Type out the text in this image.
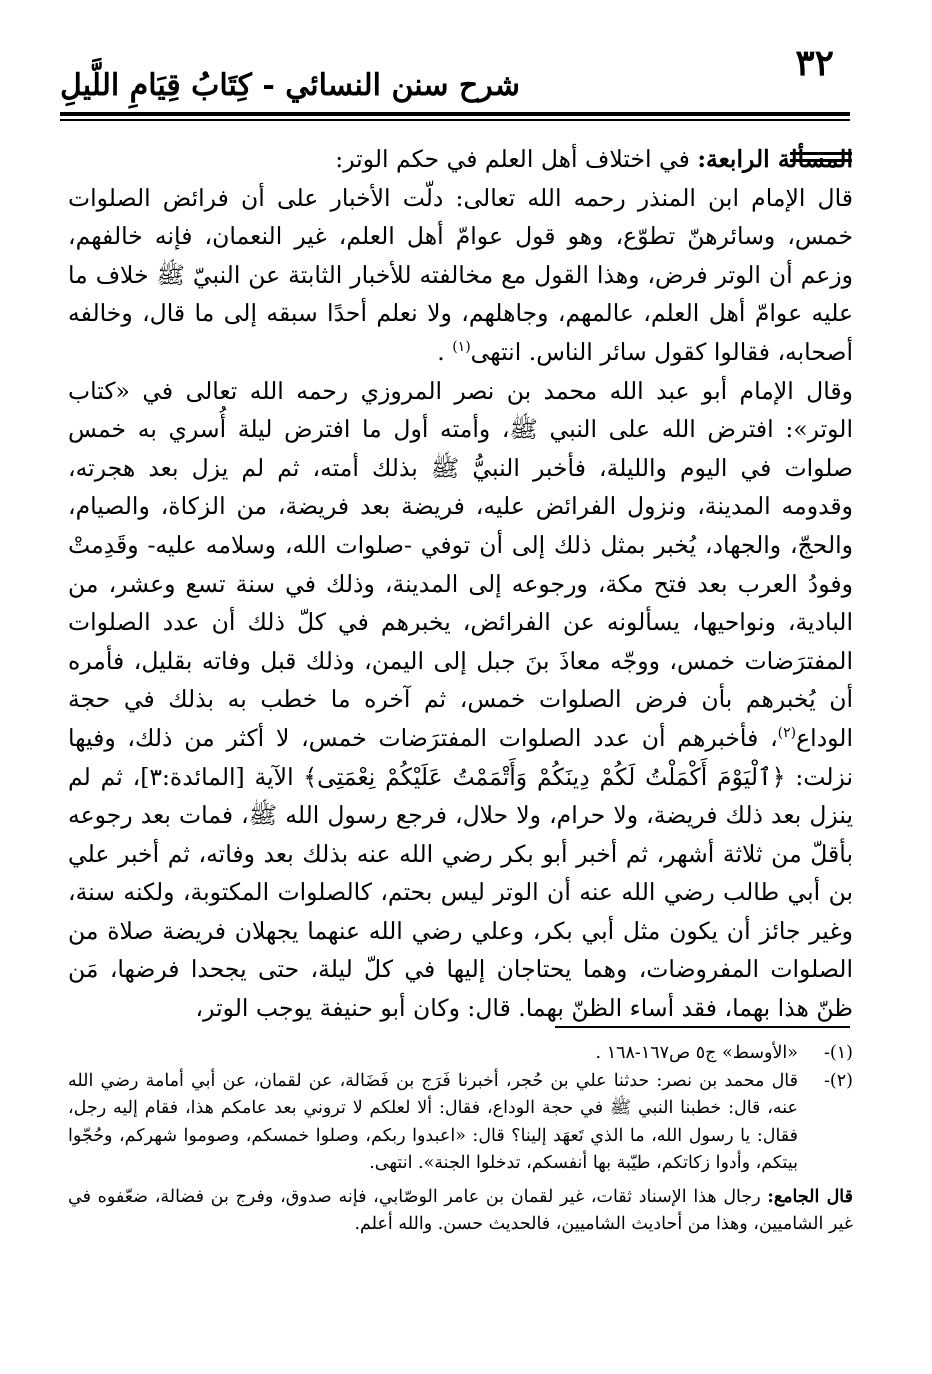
شرح سنن النسائي - كِتَابُ قِيَامِ اللَّيلِ
٣٢

المسألة الرابعة: في اختلاف أهل العلم في حكم الوتر:

قال الإمام ابن المنذر رحمه الله تعالى: دلّت الأخبار على أن فرائض الصلوات خمس، وسائرهنّ تطوّع، وهو قول عوامّ أهل العلم، غير النعمان، فإنه خالفهم، وزعم أن الوتر فرض، وهذا القول مع مخالفته للأخبار الثابتة عن النبيّ ﷺ خلاف ما عليه عوامّ أهل العلم، عالمهم، وجاهلهم، ولا نعلم أحدًا سبقه إلى ما قال، وخالفه أصحابه، فقالوا كقول سائر الناس. انتهى$^{(١)}$ .

وقال الإمام أبو عبد الله محمد بن نصر المروزي رحمه الله تعالى في «كتاب الوتر»: افترض الله على النبي ﷺ، وأمته أول ما افترض ليلة أُسري به خمس صلوات في اليوم والليلة، فأخبر النبيُّ ﷺ بذلك أمته، ثم لم يزل بعد هجرته، وقدومه المدينة، ونزول الفرائض عليه، فريضة بعد فريضة، من الزكاة، والصيام، والحجّ، والجهاد، يُخبر بمثل ذلك إلى أن توفي -صلوات الله، وسلامه عليه- وقَدِمتْ وفودُ العرب بعد فتح مكة، ورجوعه إلى المدينة، وذلك في سنة تسع وعشر، من البادية، ونواحيها، يسألونه عن الفرائض، يخبرهم في كلّ ذلك أن عدد الصلوات المفترَضات خمس، ووجّه معاذَ بنَ جبل إلى اليمن، وذلك قبل وفاته بقليل، فأمره أن يُخبرهم بأن فرض الصلوات خمس، ثم آخره ما خطب به بذلك في حجة الوداع$^{(٢)}$، فأخبرهم أن عدد الصلوات المفترَضات خمس، لا أكثر من ذلك، وفيها نزلت: ﴿ٱلْيَوْمَ أَكْمَلْتُ لَكُمْ دِينَكُمْ وَأَتْمَمْتُ عَلَيْكُمْ نِعْمَتِى﴾ الآية [المائدة:٣]، ثم لم ينزل بعد ذلك فريضة، ولا حرام، ولا حلال، فرجع رسول الله ﷺ، فمات بعد رجوعه بأقلّ من ثلاثة أشهر، ثم أخبر أبو بكر رضي الله عنه بذلك بعد وفاته، ثم أخبر علي بن أبي طالب رضي الله عنه أن الوتر ليس بحتم، كالصلوات المكتوبة، ولكنه سنة، وغير جائز أن يكون مثل أبي بكر، وعلي رضي الله عنهما يجهلان فريضة صلاة من الصلوات المفروضات، وهما يحتاجان إليها في كلّ ليلة، حتى يجحدا فرضها، مَن ظنّ هذا بهما، فقد أساء الظنّ بهما. قال: وكان أبو حنيفة يوجب الوتر،

(١)-
«الأوسط» ج٥ ص١٦٧-١٦٨ .
(٢)-
قال محمد بن نصر: حدثنا علي بن حُجر، أخبرنا فَرَج بن فَضَالة، عن لقمان، عن أبي أمامة رضي الله عنه، قال: خطبنا النبي ﷺ في حجة الوداع، فقال: ألا لعلكم لا تروني بعد عامكم هذا، فقام إليه رجل، فقال: يا رسول الله، ما الذي تَعهَد إلينا؟ قال: «اعبدوا ربكم، وصلوا خمسكم، وصوموا شهركم، وحُجّوا بيتكم، وأدوا زكاتكم، طيّبة بها أنفسكم، تدخلوا الجنة». انتهى.

قال الجامع: رجال هذا الإسناد ثقات، غير لقمان بن عامر الوصّابي، فإنه صدوق، وفرج بن فضالة، ضعّفوه في غير الشاميين، وهذا من أحاديث الشاميين، فالحديث حسن. والله أعلم.
